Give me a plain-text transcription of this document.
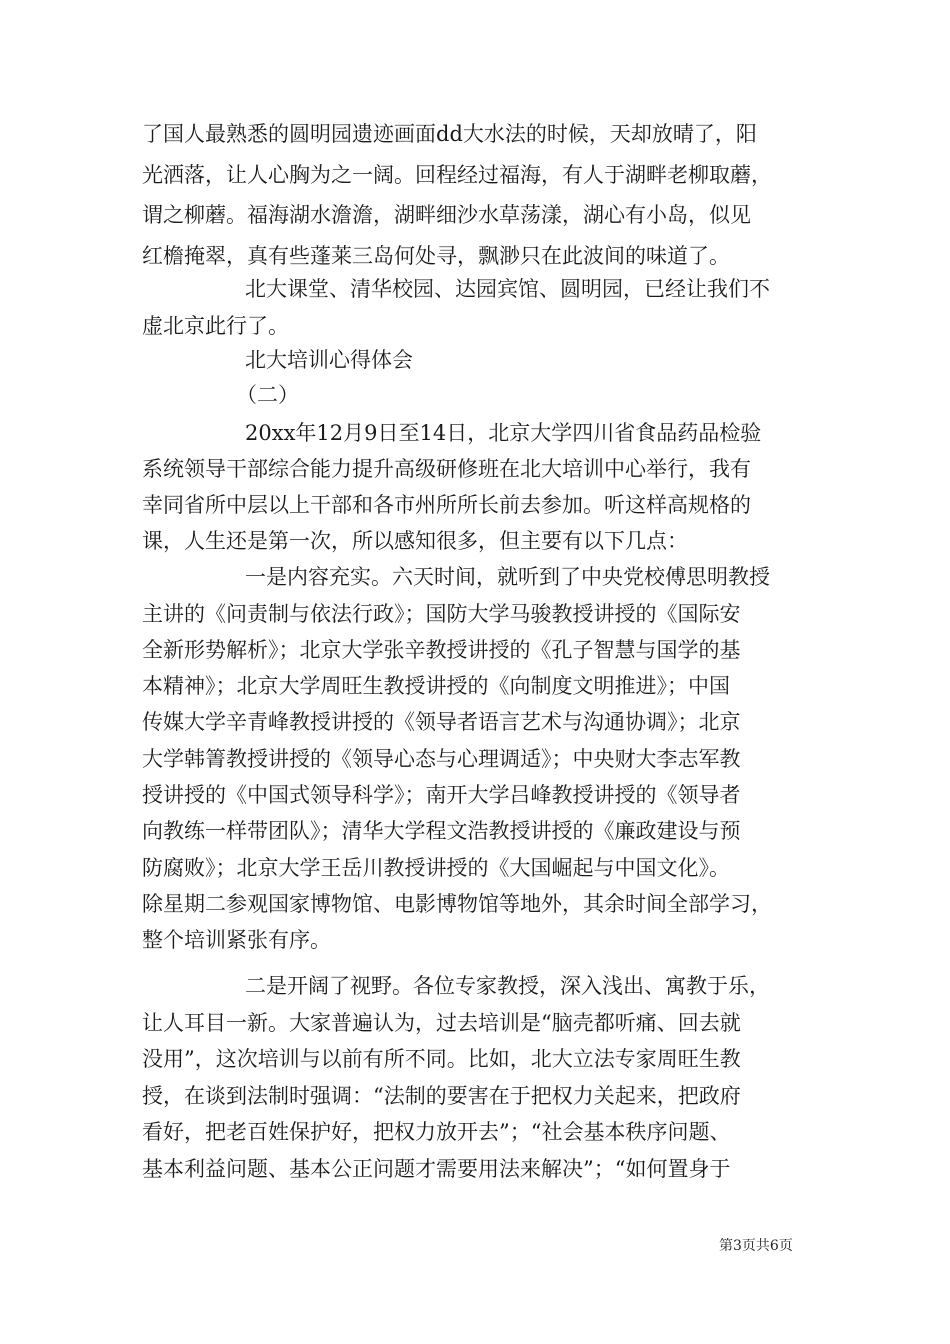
了国人最熟悉的圆明园遗迹画面dd大水法的时候，天却放晴了，阳
光洒落，让人心胸为之一阔。回程经过福海，有人于湖畔老柳取蘑，
谓之柳蘑。福海湖水澹澹，湖畔细沙水草荡漾，湖心有小岛，似见
红檐掩翠，真有些蓬莱三岛何处寻，飘渺只在此波间的味道了。
北大课堂、清华校园、达园宾馆、圆明园，已经让我们不
虚北京此行了。
北大培训心得体会
（二）
20xx年12月9日至14日，北京大学四川省食品药品检验
系统领导干部综合能力提升高级研修班在北大培训中心举行，我有
幸同省所中层以上干部和各市州所所长前去参加。听这样高规格的
课，人生还是第一次，所以感知很多，但主要有以下几点：
一是内容充实。六天时间，就听到了中央党校傅思明教授
主讲的《问责制与依法行政》；国防大学马骏教授讲授的《国际安
全新形势解析》；北京大学张辛教授讲授的《孔子智慧与国学的基
本精神》；北京大学周旺生教授讲授的《向制度文明推进》；中国
传媒大学辛青峰教授讲授的《领导者语言艺术与沟通协调》；北京
大学韩箐教授讲授的《领导心态与心理调适》；中央财大李志军教
授讲授的《中国式领导科学》；南开大学吕峰教授讲授的《领导者
向教练一样带团队》；清华大学程文浩教授讲授的《廉政建设与预
防腐败》；北京大学王岳川教授讲授的《大国崛起与中国文化》。
除星期二参观国家博物馆、电影博物馆等地外，其余时间全部学习，
整个培训紧张有序。
二是开阔了视野。各位专家教授，深入浅出、寓教于乐，
让人耳目一新。大家普遍认为，过去培训是“脑壳都听痛、回去就
没用”，这次培训与以前有所不同。比如，北大立法专家周旺生教
授，在谈到法制时强调：“法制的要害在于把权力关起来，把政府
看好，把老百姓保护好，把权力放开去”；“社会基本秩序问题、
基本利益问题、基本公正问题才需要用法来解决”；“如何置身于
第3页共6页
